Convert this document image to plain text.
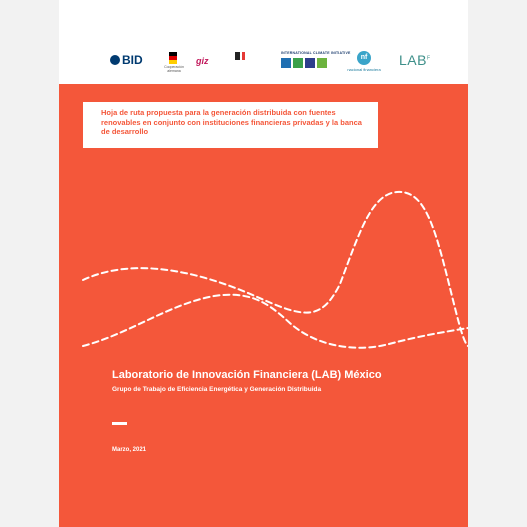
BID	Cooperación alemana
giz
INTERNATIONAL CLIMATE INITIATIVE
nf
nacional financiera
$LAB^F$

Hoja de ruta propuesta para la generación distribuida con fuentes renovables en conjunto con instituciones financieras privadas y la banca de desarrollo

Laboratorio de Innovación Financiera (LAB) México
Grupo de Trabajo de Eficiencia Energética y Generación Distribuida

Marzo, 2021
